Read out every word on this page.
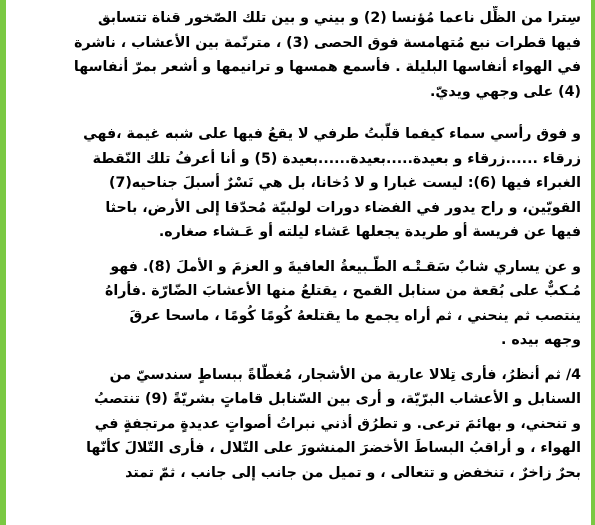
سِترا من الظِّل ناعما مُؤنسا (2) و بيني و بين تلك الصّخور قناة تتسابق
فيها قطرات نبع مُتهامسة فوق الحصى (3) ، مترنّمة بين الأعشاب ، ناشرة
في الهواء أنفاسها البليلة . فأسمع همسها و ترانيمها و أشعر بمرّ أنفاسها
(4) على وجهي ويديّ.
و فوق رأسي سماء كيفما قلّبتُ طرفي لا يقعُ فيها على شبه غيمة ،فهي
زرقاء ......زرقاء و بعيدة.....بعيدة......بعيدة (5) و أنا أعرفُ تلك النّقطة
الغبراء فيها (6): ليست غبارا و لا دُخانا، بل هي نَسْرٌ أسبلَ جناحيه(7)
القويّين، و راح يدور في الفضاء دورات لولبيّة مُحدّقا إلى الأرض، باحثا
فيها عن فريسة أو طريدة يجعلها عَشاء ليلته أو عَـشاء صغاره.
و عن يساري شابٌ سَقـتْـه الطّـبيعةُ العافيةَ و العزمَ و الأملَ (8). فهو
مُـكبٌّ على بُقعة من سنابل القمح ، يقتلعُ منها الأعشابَ الضّارّة .فأراهُ
ينتصب ثم ينحني ، ثم أراه يجمع ما يقتلعهُ كُومًا كُومًا ، ماسحا عرقَ
وجهه بيده .
4/ ثم أنظرُ، فأرى تِلالا عارية من الأشجار، مُغطّاةً ببساطٍ سندسيّ من
السنابل و الأعشاب البرّيّة، و أرى بين السّنابل قاماتٍ بشريّةً (9) تنتصبُ
و تنحني، و بهائمَ ترعى. و تطرُق أذني نبراتُ أصواتٍ عديدةٍ مرتجفةٍ في
الهواء ، و أراقبُ البساطَ الأخضرَ المنشورَ على التّلال ، فأرى التّلالَ كأنّها
بحرٌ زاخرٌ ، تنخفض و تتعالى ، و تميل من جانب إلى جانب ، ثمّ تمتد
